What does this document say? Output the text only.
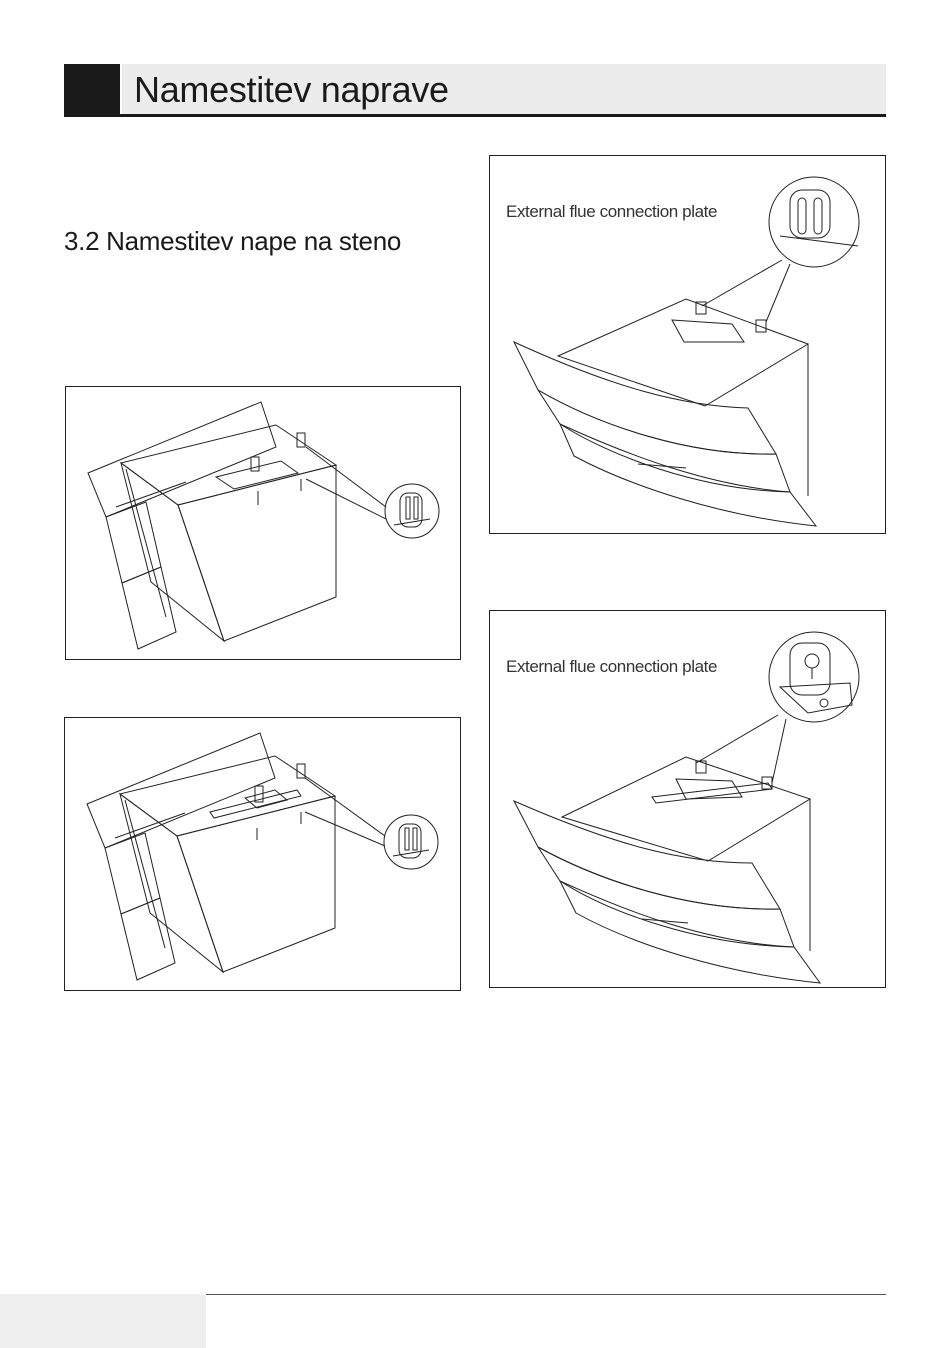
Namestitev naprave
3.2 Namestitev nape na steno
External flue connection plate
External flue connection plate
